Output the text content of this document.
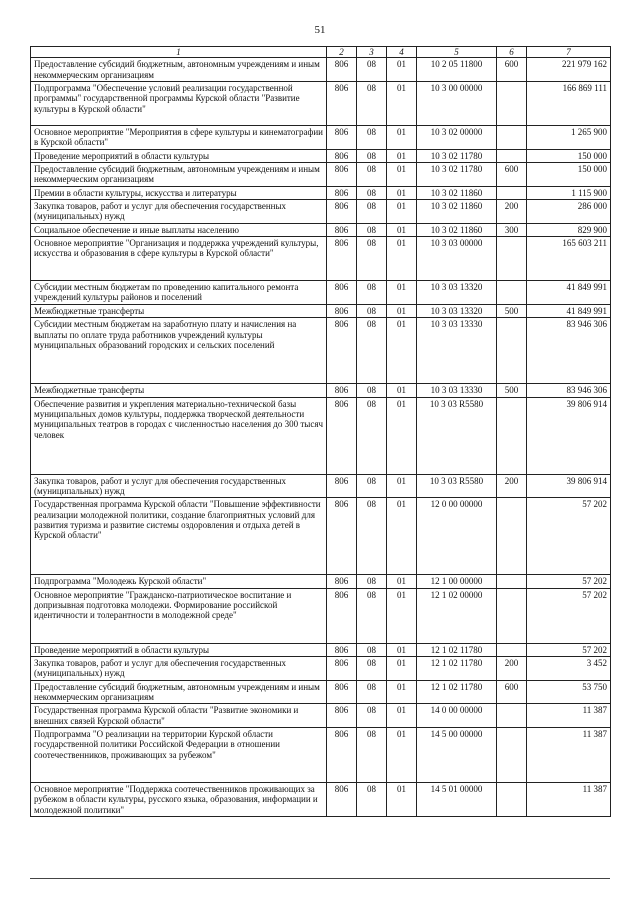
51
1	2	3	4	5	6	7
Предоставление субсидий бюджетным, автономным учреждениям и иным некоммерческим организациям	806	08	01	10 2 05 11800	600	221 979 162
Подпрограмма "Обеспечение условий реализации государственной программы" государственной программы Курской области "Развитие культуры в Курской области"	806	08	01	10 3 00 00000		166 869 111
Основное мероприятие "Мероприятия в сфере культуры и кинематографии в Курской области"	806	08	01	10 3 02 00000		1 265 900
Проведение мероприятий в области культуры	806	08	01	10 3 02 11780		150 000
Предоставление субсидий бюджетным, автономным учреждениям и иным некоммерческим организациям	806	08	01	10 3 02 11780	600	150 000
Премии в области культуры, искусства и литературы	806	08	01	10 3 02 11860		1 115 900
Закупка товаров, работ и услуг для обеспечения государственных (муниципальных) нужд	806	08	01	10 3 02 11860	200	286 000
Социальное обеспечение и иные выплаты населению	806	08	01	10 3 02 11860	300	829 900
Основное мероприятие "Организация и поддержка учреждений культуры, искусства и образования в сфере культуры в Курской области"	806	08	01	10 3 03 00000		165 603 211
Субсидии местным бюджетам по проведению капитального ремонта учреждений культуры районов и поселений	806	08	01	10 3 03 13320		41 849 991
Межбюджетные трансферты	806	08	01	10 3 03 13320	500	41 849 991
Субсидии местным бюджетам на заработную плату и начисления на выплаты по оплате труда работников учреждений культуры муниципальных образований городских и сельских поселений	806	08	01	10 3 03 13330		83 946 306
Межбюджетные трансферты	806	08	01	10 3 03 13330	500	83 946 306
Обеспечение развития и укрепления материально-технической базы муниципальных домов культуры, поддержка творческой деятельности муниципальных театров в городах с численностью населения до 300 тысяч человек	806	08	01	10 3 03 R5580		39 806 914
Закупка товаров, работ и услуг для обеспечения государственных (муниципальных) нужд	806	08	01	10 3 03 R5580	200	39 806 914
Государственная программа Курской области "Повышение эффективности реализации молодежной политики, создание благоприятных условий для развития туризма и развитие системы оздоровления и отдыха детей в Курской области"	806	08	01	12 0 00 00000		57 202
Подпрограмма "Молодежь Курской области"	806	08	01	12 1 00 00000		57 202
Основное мероприятие "Гражданско-патриотическое воспитание и допризывная подготовка молодежи. Формирование российской идентичности и толерантности в молодежной среде"	806	08	01	12 1 02 00000		57 202
Проведение мероприятий в области культуры	806	08	01	12 1 02 11780		57 202
Закупка товаров, работ и услуг для обеспечения государственных (муниципальных) нужд	806	08	01	12 1 02 11780	200	3 452
Предоставление субсидий бюджетным, автономным учреждениям и иным некоммерческим организациям	806	08	01	12 1 02 11780	600	53 750
Государственная программа Курской области "Развитие экономики и внешних связей Курской области"	806	08	01	14 0 00 00000		11 387
Подпрограмма "О реализации на территории Курской области государственной политики Российской Федерации в отношении соотечественников, проживающих за рубежом"	806	08	01	14 5 00 00000		11 387
Основное мероприятие "Поддержка соотечественников проживающих за рубежом в области культуры, русского языка, образования, информации и молодежной политики"	806	08	01	14 5 01 00000		11 387
